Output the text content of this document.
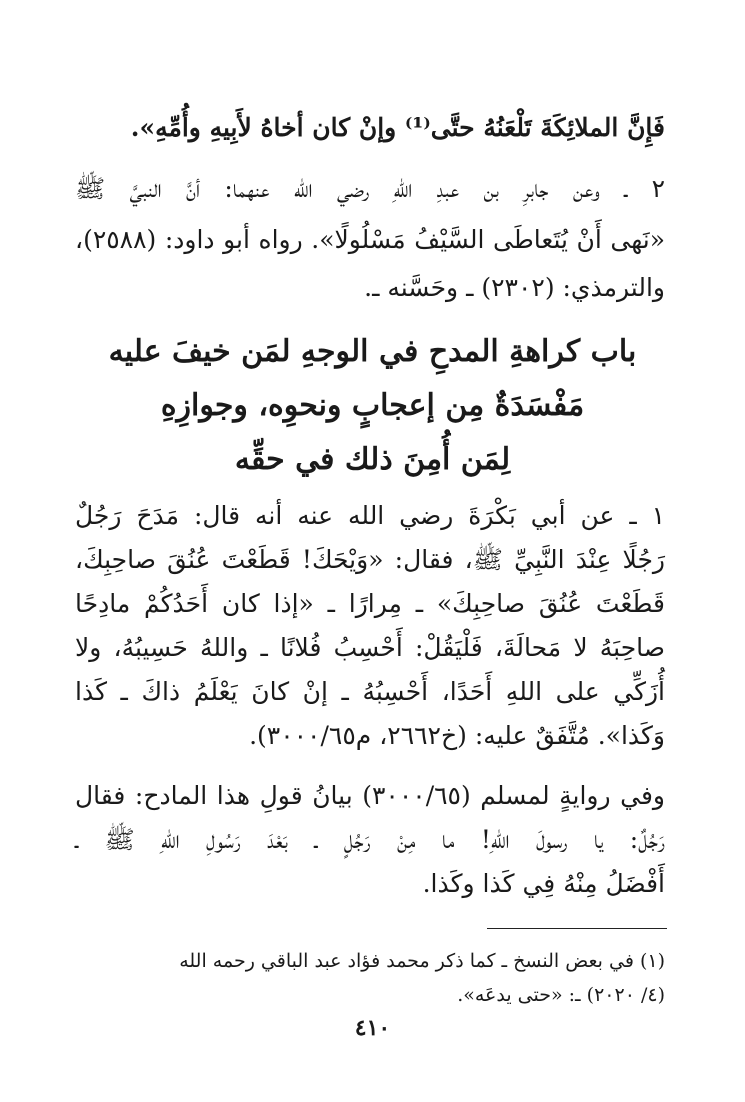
فَإِنَّ الملائِكَةَ تَلْعَنُهُ حتَّى⁽¹⁾ وإنْ كان أخاهُ لأَبِيهِ وأُمِّهِ».
٢ ـ وعن جابرِ بن عبدِ اللهِ رضي الله عنهما: أنَّ النبيَّ ﷺ
«نَهى أَنْ يُتَعاطَى السَّيْفُ مَسْلُولًا». رواه أبو داود: (٢٥٨٨)،
والترمذي: (٢٣٠٢) ـ وحَسَّنه ـ.
باب كراهةِ المدحِ في الوجهِ لمَن خيفَ عليه
مَفْسَدَةٌ مِن إعجابٍ ونحوِه، وجوازِهِ
لِمَن أُمِنَ ذلك في حقِّه
١ ـ عن أبي بَكْرَةَ رضي الله عنه أنه قال: مَدَحَ رَجُلٌ
رَجُلًا عِنْدَ النَّبِيِّ ﷺ، فقال: «وَيْحَكَ! قَطَعْتَ عُنُقَ صاحِبِكَ،
قَطَعْتَ عُنُقَ صاحِبِكَ» ـ مِرارًا ـ «إذا كان أَحَدُكُمْ مادِحًا
صاحِبَهُ لا مَحالَةَ، فَلْيَقُلْ: أَحْسِبُ فُلانًا ـ واللهُ حَسِيبُهُ، ولا
أُزَكِّي على اللهِ أَحَدًا، أَحْسِبُهُ ـ إنْ كانَ يَعْلَمُ ذاكَ ـ كَذا
وَكَذا». مُتَّفَقٌ عليه: (خ٢٦٦٢، م٣٠٠٠/٦٥).
وفي روايةٍ لمسلم (٣٠٠٠/٦٥) بيانُ قولِ هذا المادح: فقال
رَجُلٌ: يا رسولَ اللهِ! ما مِنْ رَجُلٍ ـ بَعْدَ رَسُولِ اللهِ ﷺ ـ
أَفْضَلُ مِنْهُ فِي كَذا وكَذا.
(١) في بعض النسخ ـ كما ذكر محمد فؤاد عبد الباقي رحمه الله
(٤/ ٢٠٢٠) ـ: «حتى يدعَه».
٤١٠
